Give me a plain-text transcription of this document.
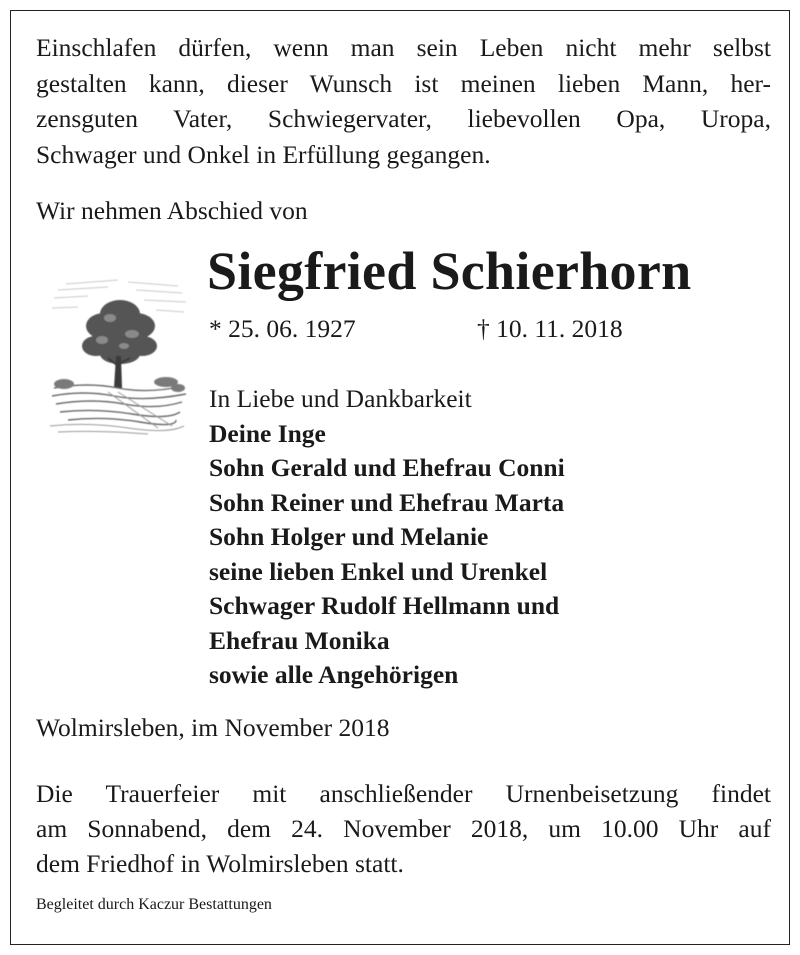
Einschlafen dürfen, wenn man sein Leben nicht mehr selbst
gestalten kann, dieser Wunsch ist meinen lieben Mann, her-
zensguten Vater, Schwiegervater, liebevollen Opa, Uropa,
Schwager und Onkel in Erfüllung gegangen.
Wir nehmen Abschied von
Siegfried Schierhorn
* 25. 06. 1927	† 10. 11. 2018
In Liebe und Dankbarkeit
Deine Inge
Sohn Gerald und Ehefrau Conni
Sohn Reiner und Ehefrau Marta
Sohn Holger und Melanie
seine lieben Enkel und Urenkel
Schwager Rudolf Hellmann und
Ehefrau Monika
sowie alle Angehörigen
Wolmirsleben, im November 2018
Die Trauerfeier mit anschließender Urnenbeisetzung findet
am Sonnabend, dem 24. November 2018, um 10.00 Uhr auf
dem Friedhof in Wolmirsleben statt.
Begleitet durch Kaczur Bestattungen
